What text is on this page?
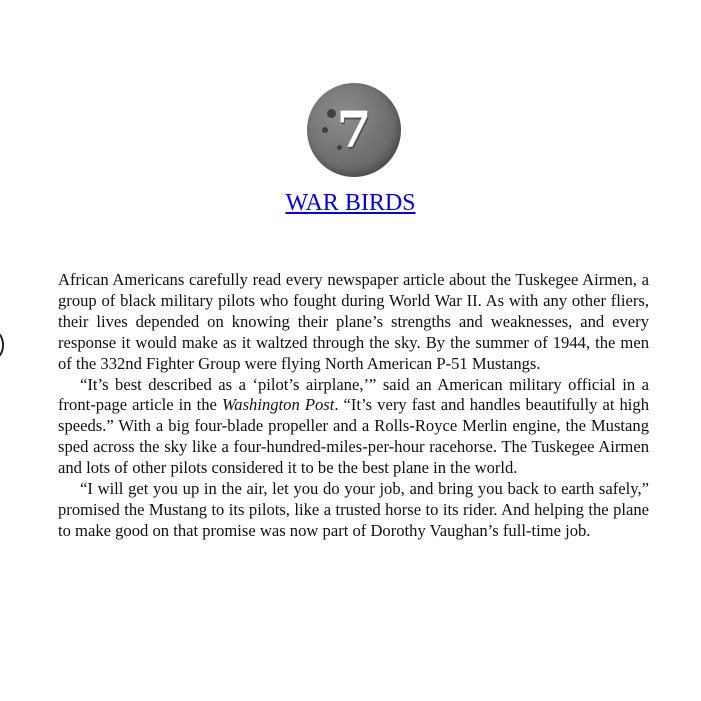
7
WAR BIRDS

African Americans carefully read every newspaper article about the Tuskegee Airmen, a group of black military pilots who fought during World War II. As with any other fliers, their lives depended on knowing their plane’s strengths and weaknesses, and every response it would make as it waltzed through the sky. By the summer of 1944, the men of the 332nd Fighter Group were flying North American P-51 Mustangs.

“It’s best described as a ‘pilot’s airplane,’” said an American military official in a front-page article in the Washington Post. “It’s very fast and handles beautifully at high speeds.” With a big four-blade propeller and a Rolls-Royce Merlin engine, the Mustang sped across the sky like a four-hundred-miles-per-hour racehorse. The Tuskegee Airmen and lots of other pilots considered it to be the best plane in the world.

“I will get you up in the air, let you do your job, and bring you back to earth safely,” promised the Mustang to its pilots, like a trusted horse to its rider. And helping the plane to make good on that promise was now part of Dorothy Vaughan’s full-time job.
